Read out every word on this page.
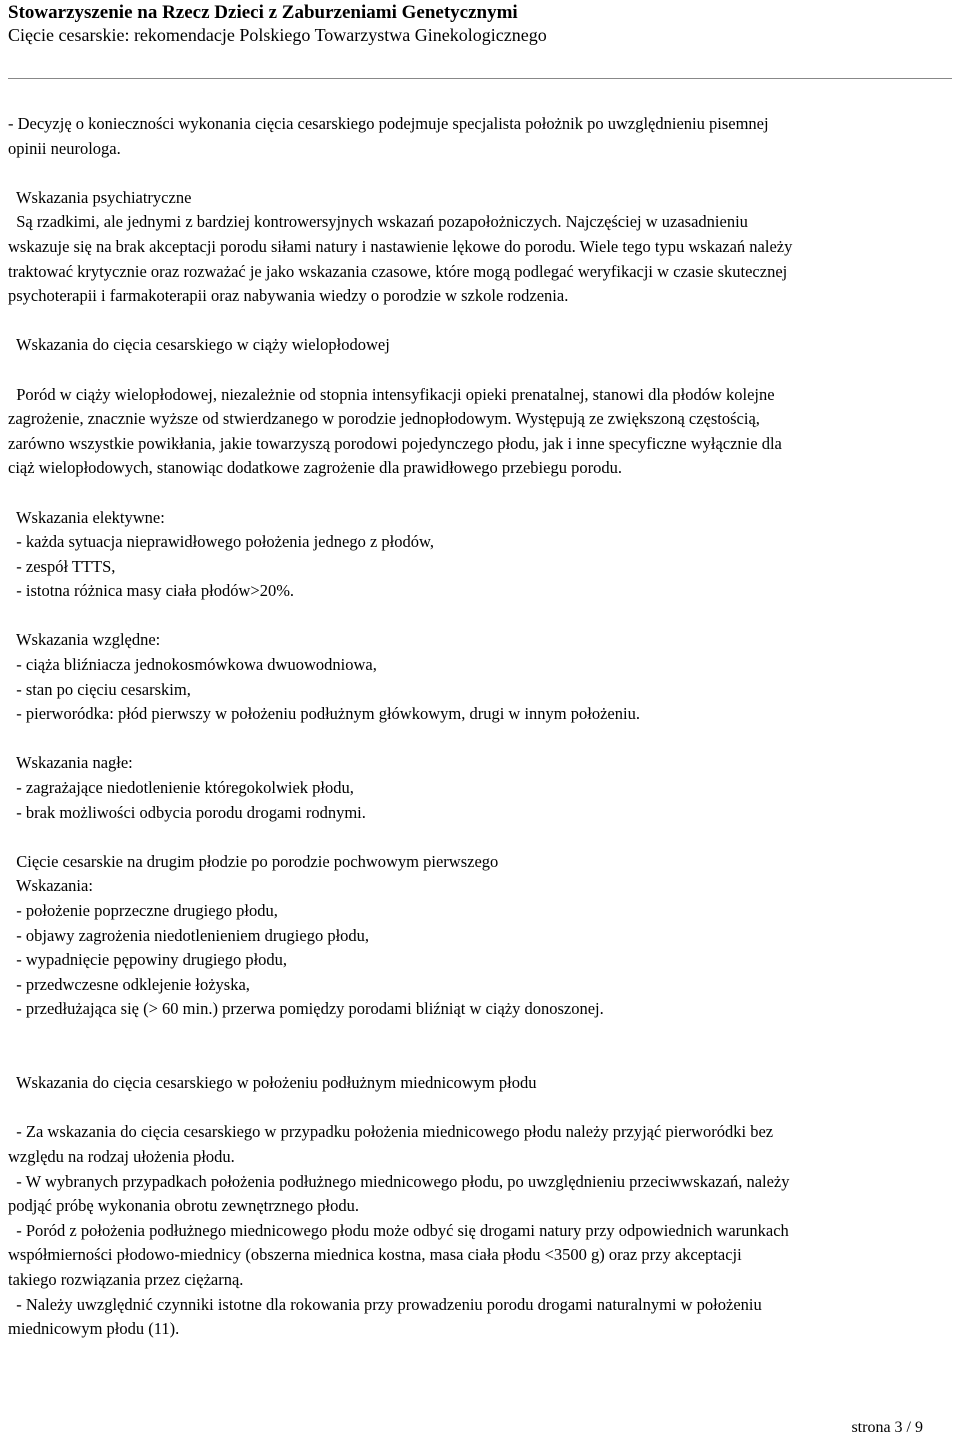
Stowarzyszenie na Rzecz Dzieci z Zaburzeniami Genetycznymi
Cięcie cesarskie: rekomendacje Polskiego Towarzystwa Ginekologicznego
- Decyzję o konieczności wykonania cięcia cesarskiego podejmuje specjalista położnik po uwzględnieniu pisemnej
opinii neurologa.

Wskazania psychiatryczne
Są rzadkimi, ale jednymi z bardziej kontrowersyjnych wskazań pozapołożniczych. Najczęściej w uzasadnieniu
wskazuje się na brak akceptacji porodu siłami natury i nastawienie lękowe do porodu. Wiele tego typu wskazań należy
traktować krytycznie oraz rozważać je jako wskazania czasowe, które mogą podlegać weryfikacji w czasie skutecznej
psychoterapii i farmakoterapii oraz nabywania wiedzy o porodzie w szkole rodzenia.

Wskazania do cięcia cesarskiego w ciąży wielopłodowej

Poród w ciąży wielopłodowej, niezależnie od stopnia intensyfikacji opieki prenatalnej, stanowi dla płodów kolejne
zagrożenie, znacznie wyższe od stwierdzanego w porodzie jednopłodowym. Występują ze zwiększoną częstością,
zarówno wszystkie powikłania, jakie towarzyszą porodowi pojedynczego płodu, jak i inne specyficzne wyłącznie dla
ciąż wielopłodowych, stanowiąc dodatkowe zagrożenie dla prawidłowego przebiegu porodu.

Wskazania elektywne:
- każda sytuacja nieprawidłowego położenia jednego z płodów,
- zespół TTTS,
- istotna różnica masy ciała płodów>20%.

Wskazania względne:
- ciąża bliźniacza jednokosmówkowa dwuowodniowa,
- stan po cięciu cesarskim,
- pierworódka: płód pierwszy w położeniu podłużnym główkowym, drugi w innym położeniu.

Wskazania nagłe:
- zagrażające niedotlenienie któregokolwiek płodu,
- brak możliwości odbycia porodu drogami rodnymi.

Cięcie cesarskie na drugim płodzie po porodzie pochwowym pierwszego
Wskazania:
- położenie poprzeczne drugiego płodu,
- objawy zagrożenia niedotlenieniem drugiego płodu,
- wypadnięcie pępowiny drugiego płodu,
- przedwczesne odklejenie łożyska,
- przedłużająca się (> 60 min.) przerwa pomiędzy porodami bliźniąt w ciąży donoszonej.

Wskazania do cięcia cesarskiego w położeniu podłużnym miednicowym płodu

- Za wskazania do cięcia cesarskiego w przypadku położenia miednicowego płodu należy przyjąć pierworódki bez
względu na rodzaj ułożenia płodu.
- W wybranych przypadkach położenia podłużnego miednicowego płodu, po uwzględnieniu przeciwwskazań, należy
podjąć próbę wykonania obrotu zewnętrznego płodu.
- Poród z położenia podłużnego miednicowego płodu może odbyć się drogami natury przy odpowiednich warunkach
współmierności płodowo-miednicy (obszerna miednica kostna, masa ciała płodu <3500 g) oraz przy akceptacji
takiego rozwiązania przez ciężarną.
- Należy uwzględnić czynniki istotne dla rokowania przy prowadzeniu porodu drogami naturalnymi w położeniu
miednicowym płodu (11).
strona 3 / 9
